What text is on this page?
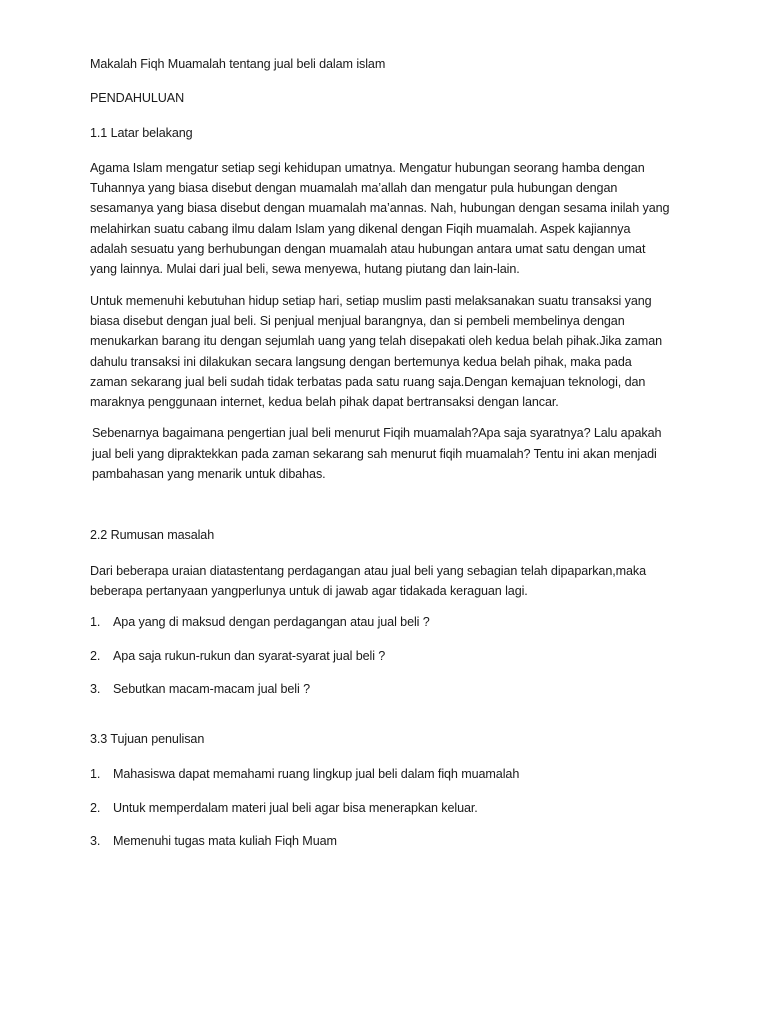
Makalah Fiqh Muamalah tentang jual beli dalam islam

PENDAHULUAN

1.1 Latar belakang

Agama Islam mengatur setiap segi kehidupan umatnya. Mengatur hubungan seorang hamba dengan
Tuhannya yang biasa disebut dengan muamalah ma’allah dan mengatur pula hubungan dengan
sesamanya yang biasa disebut dengan muamalah ma’annas. Nah, hubungan dengan sesama inilah yang
melahirkan suatu cabang ilmu dalam Islam yang dikenal dengan Fiqih muamalah. Aspek kajiannya
adalah sesuatu yang berhubungan dengan muamalah atau hubungan antara umat satu dengan umat
yang lainnya. Mulai dari jual beli, sewa menyewa, hutang piutang dan lain-lain.

Untuk memenuhi kebutuhan hidup setiap hari, setiap muslim pasti melaksanakan suatu transaksi yang
biasa disebut dengan jual beli. Si penjual menjual barangnya, dan si pembeli membelinya dengan
menukarkan barang itu dengan sejumlah uang yang telah disepakati oleh kedua belah pihak.Jika zaman
dahulu transaksi ini dilakukan secara langsung dengan bertemunya kedua belah pihak, maka pada
zaman sekarang jual beli sudah tidak terbatas pada satu ruang saja.Dengan kemajuan teknologi, dan
maraknya penggunaan internet, kedua belah pihak dapat bertransaksi dengan lancar.

Sebenarnya bagaimana pengertian jual beli menurut Fiqih muamalah?Apa saja syaratnya? Lalu apakah
jual beli yang dipraktekkan pada zaman sekarang sah menurut fiqih muamalah? Tentu ini akan menjadi
pambahasan yang menarik untuk dibahas.

2.2 Rumusan masalah

Dari beberapa uraian diatastentang perdagangan atau jual beli yang sebagian telah dipaparkan,maka
beberapa pertanyaan yangperlunya untuk di jawab agar tidakada keraguan lagi.

1.	Apa yang di maksud dengan perdagangan atau jual beli ?
2.	Apa saja rukun-rukun dan syarat-syarat jual beli ?
3.	Sebutkan macam-macam jual beli ?

3.3 Tujuan penulisan

1.	Mahasiswa dapat memahami ruang lingkup jual beli dalam fiqh muamalah
2.	Untuk memperdalam materi jual beli agar bisa menerapkan keluar.
3.	Memenuhi tugas mata kuliah Fiqh Muam
